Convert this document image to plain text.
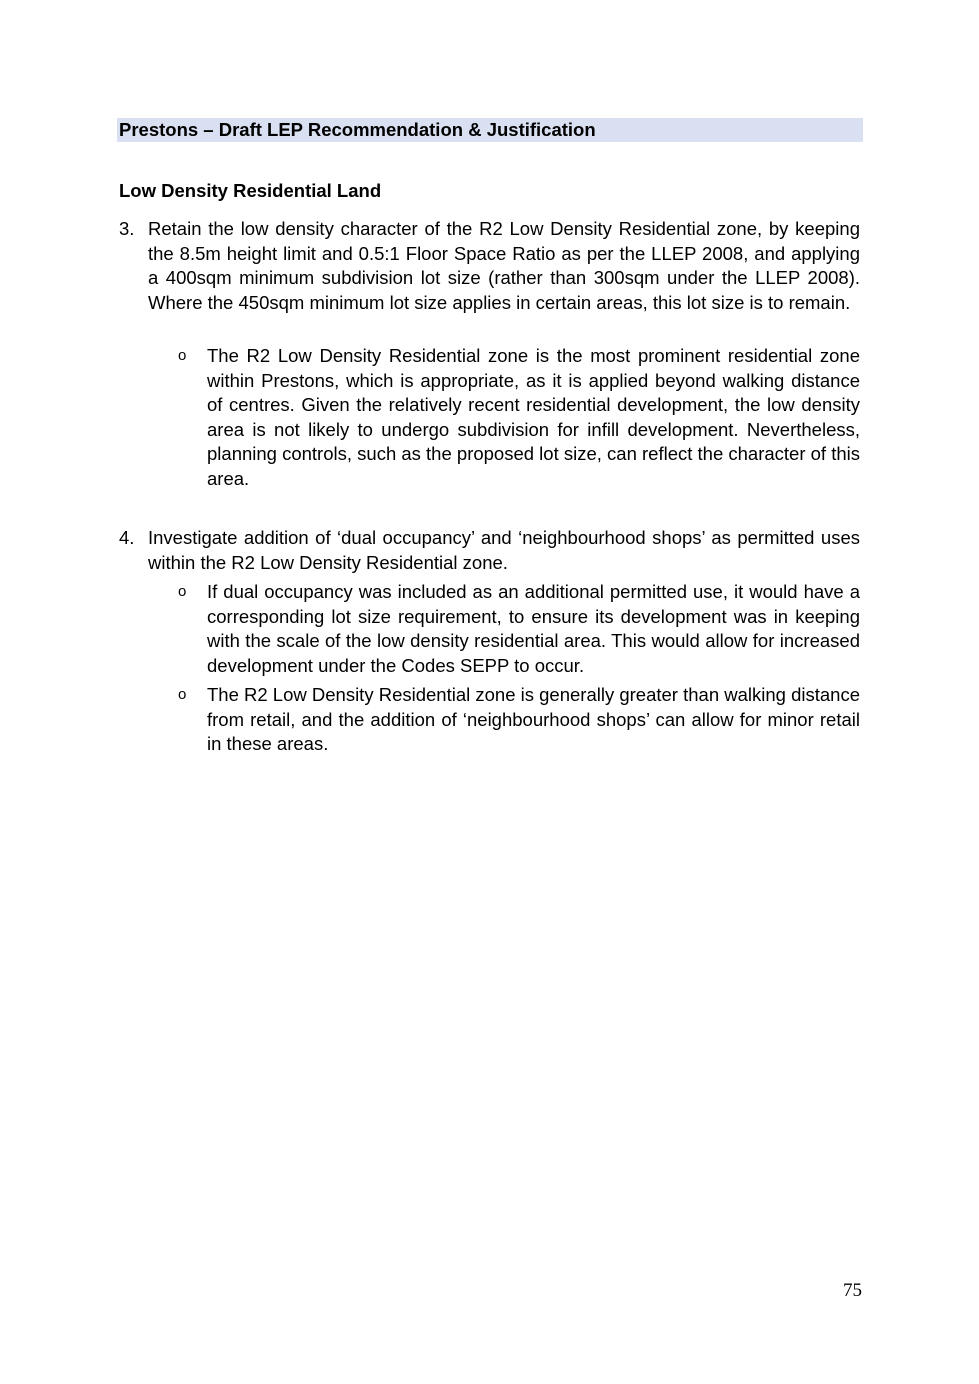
Prestons – Draft LEP Recommendation & Justification
Low Density Residential Land
3. Retain the low density character of the R2 Low Density Residential zone, by keeping the 8.5m height limit and 0.5:1 Floor Space Ratio as per the LLEP 2008, and applying a 400sqm minimum subdivision lot size (rather than 300sqm under the LLEP 2008). Where the 450sqm minimum lot size applies in certain areas, this lot size is to remain.
o The R2 Low Density Residential zone is the most prominent residential zone within Prestons, which is appropriate, as it is applied beyond walking distance of centres. Given the relatively recent residential development, the low density area is not likely to undergo subdivision for infill development. Nevertheless, planning controls, such as the proposed lot size, can reflect the character of this area.
4. Investigate addition of ‘dual occupancy’ and ‘neighbourhood shops’ as permitted uses within the R2 Low Density Residential zone.
o If dual occupancy was included as an additional permitted use, it would have a corresponding lot size requirement, to ensure its development was in keeping with the scale of the low density residential area. This would allow for increased development under the Codes SEPP to occur.
o The R2 Low Density Residential zone is generally greater than walking distance from retail, and the addition of ‘neighbourhood shops’ can allow for minor retail in these areas.
75
